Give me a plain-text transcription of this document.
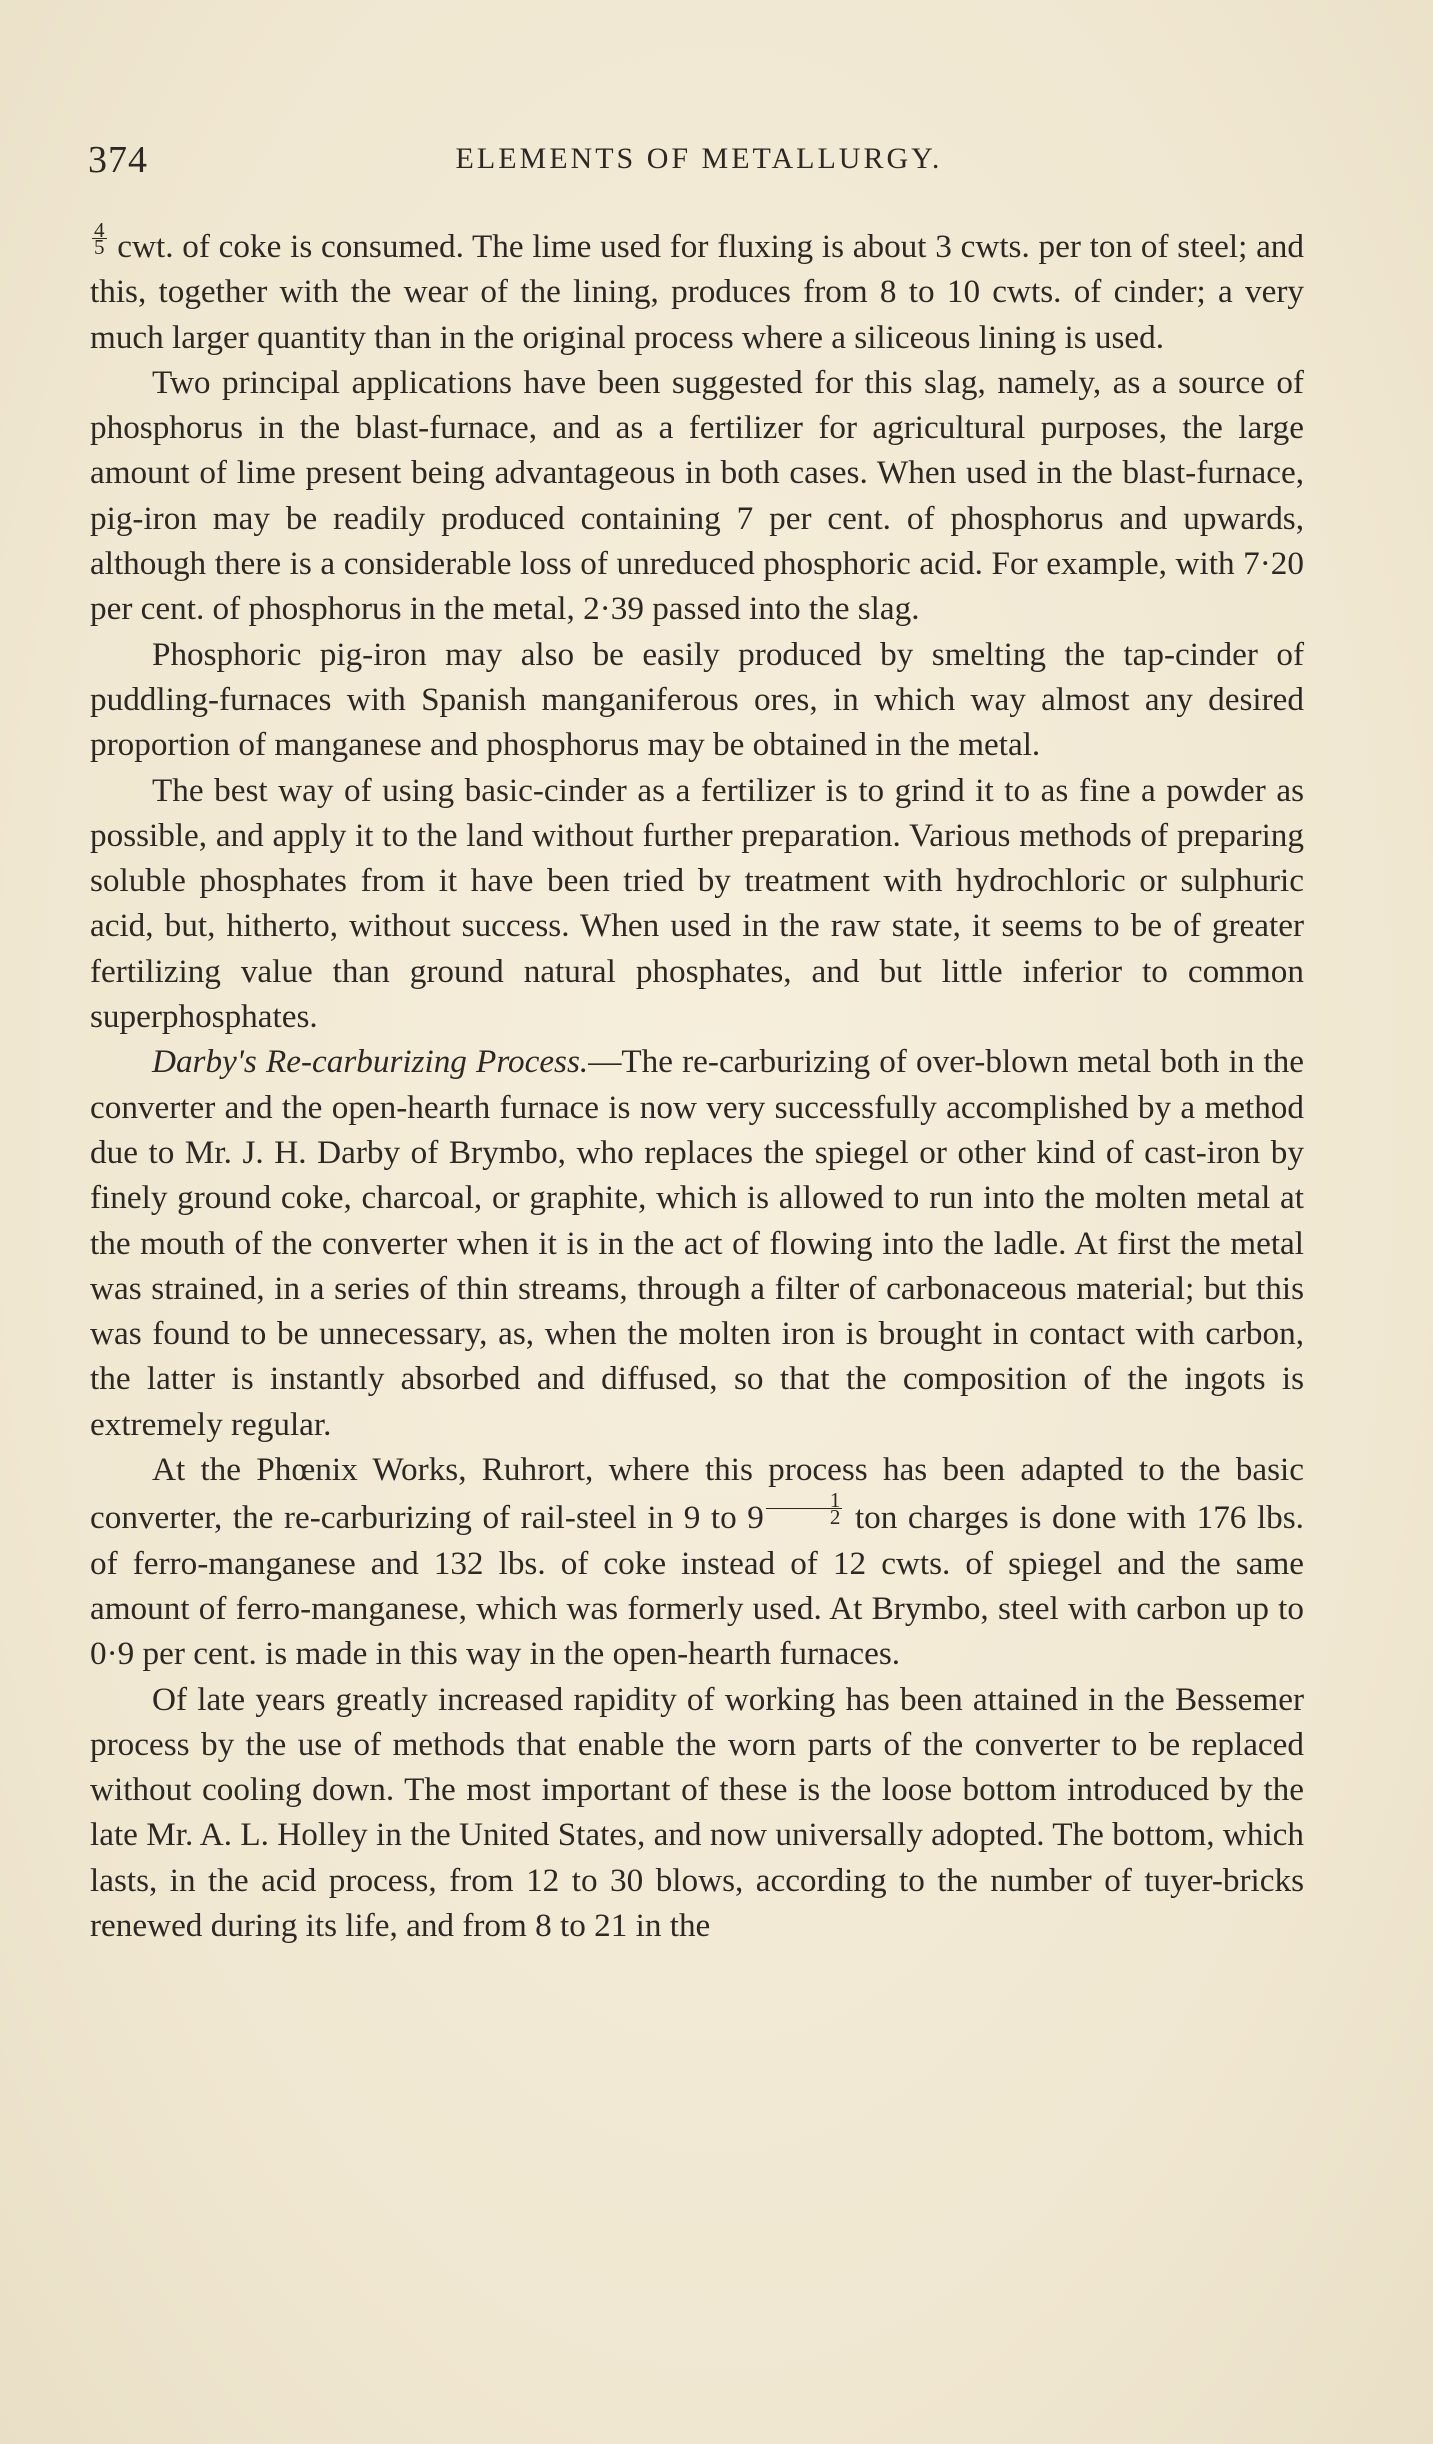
374	ELEMENTS OF METALLURGY.

$\frac{4}{5}$ cwt. of coke is consumed. The lime used for fluxing is about 3 cwts. per ton of steel; and this, together with the wear of the lining, produces from 8 to 10 cwts. of cinder; a very much larger quantity than in the original process where a siliceous lining is used.

Two principal applications have been suggested for this slag, namely, as a source of phosphorus in the blast-furnace, and as a fertilizer for agricultural purposes, the large amount of lime present being advantageous in both cases. When used in the blast-furnace, pig-iron may be readily produced containing 7 per cent. of phosphorus and upwards, although there is a considerable loss of unreduced phosphoric acid. For example, with 7·20 per cent. of phosphorus in the metal, 2·39 passed into the slag.

Phosphoric pig-iron may also be easily produced by smelting the tap-cinder of puddling-furnaces with Spanish manganiferous ores, in which way almost any desired proportion of manganese and phosphorus may be obtained in the metal.

The best way of using basic-cinder as a fertilizer is to grind it to as fine a powder as possible, and apply it to the land without further preparation. Various methods of preparing soluble phosphates from it have been tried by treatment with hydrochloric or sulphuric acid, but, hitherto, without success. When used in the raw state, it seems to be of greater fertilizing value than ground natural phosphates, and but little inferior to common superphosphates.

Darby's Re-carburizing Process.—The re-carburizing of over-blown metal both in the converter and the open-hearth furnace is now very successfully accomplished by a method due to Mr. J. H. Darby of Brymbo, who replaces the spiegel or other kind of cast-iron by finely ground coke, charcoal, or graphite, which is allowed to run into the molten metal at the mouth of the converter when it is in the act of flowing into the ladle. At first the metal was strained, in a series of thin streams, through a filter of carbonaceous material; but this was found to be unnecessary, as, when the molten iron is brought in contact with carbon, the latter is instantly absorbed and diffused, so that the composition of the ingots is extremely regular.

At the Phœnix Works, Ruhrort, where this process has been adapted to the basic converter, the re-carburizing of rail-steel in 9 to $9 \frac{1}{2}$ ton charges is done with 176 lbs. of ferro-manganese and 132 lbs. of coke instead of 12 cwts. of spiegel and the same amount of ferro-manganese, which was formerly used. At Brymbo, steel with carbon up to 0·9 per cent. is made in this way in the open-hearth furnaces.

Of late years greatly increased rapidity of working has been attained in the Bessemer process by the use of methods that enable the worn parts of the converter to be replaced without cooling down. The most important of these is the loose bottom introduced by the late Mr. A. L. Holley in the United States, and now universally adopted. The bottom, which lasts, in the acid process, from 12 to 30 blows, according to the number of tuyer-bricks renewed during its life, and from 8 to 21 in the
